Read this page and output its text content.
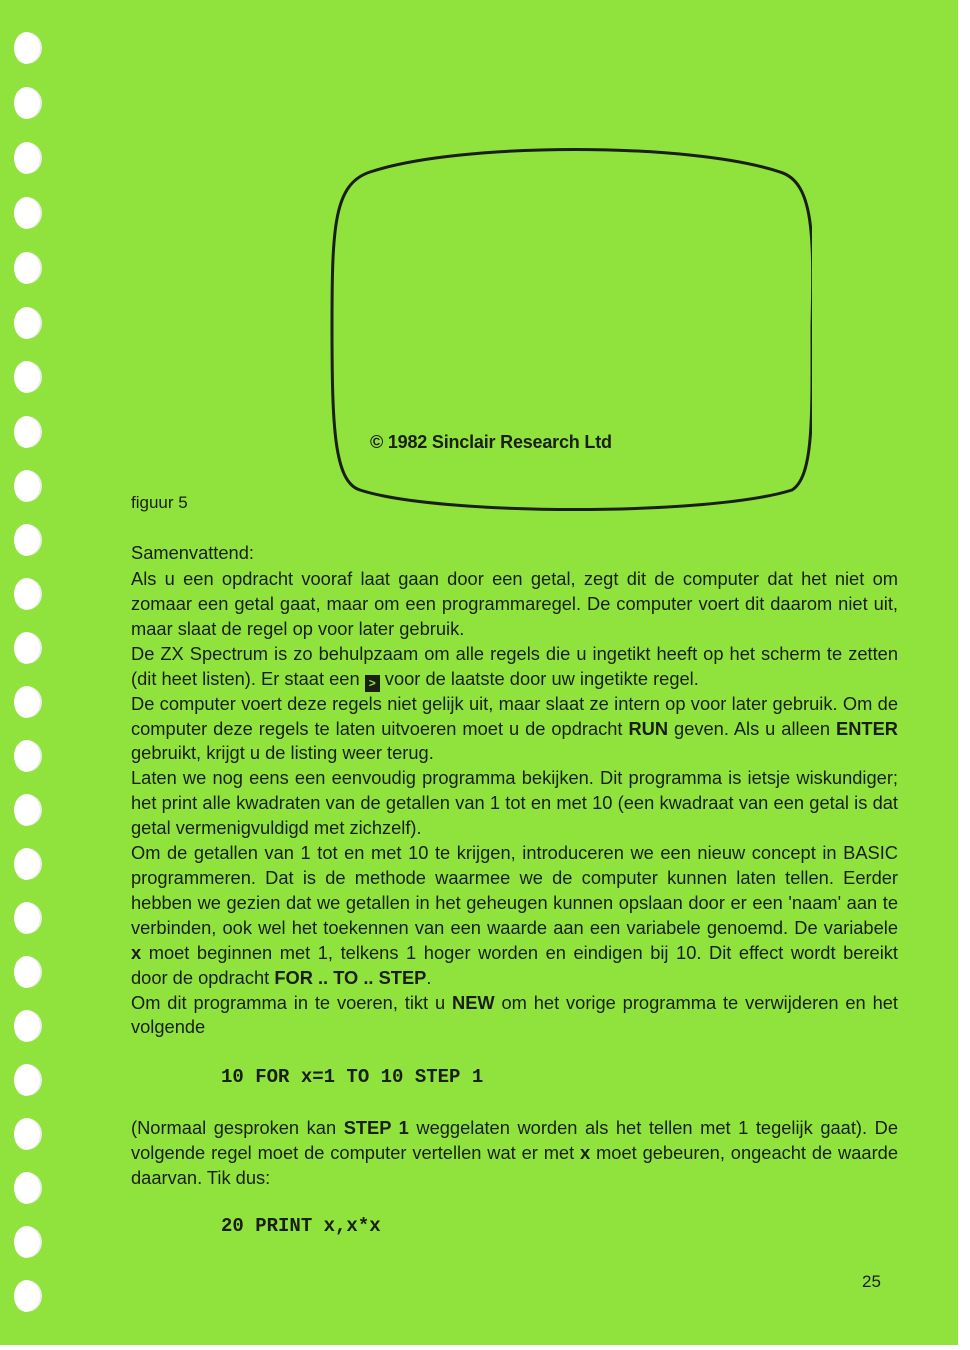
© 1982 Sinclair Research Ltd
figuur 5
Samenvattend:

Als u een opdracht vooraf laat gaan door een getal, zegt dit de computer dat het niet om zomaar een getal gaat, maar om een programmaregel. De computer voert dit daarom niet uit, maar slaat de regel op voor later gebruik.

De ZX Spectrum is zo behulpzaam om alle regels die u ingetikt heeft op het scherm te zetten (dit heet listen). Er staat een > voor de laatste door uw ingetikte regel.

De computer voert deze regels niet gelijk uit, maar slaat ze intern op voor later gebruik. Om de computer deze regels te laten uitvoeren moet u de opdracht RUN geven. Als u alleen ENTER gebruikt, krijgt u de listing weer terug.

Laten we nog eens een eenvoudig programma bekijken. Dit programma is ietsje wiskundiger; het print alle kwadraten van de getallen van 1 tot en met 10 (een kwadraat van een getal is dat getal vermenigvuldigd met zichzelf).

Om de getallen van 1 tot en met 10 te krijgen, introduceren we een nieuw concept in BASIC programmeren. Dat is de methode waarmee we de computer kunnen laten tellen. Eerder hebben we gezien dat we getallen in het geheugen kunnen opslaan door er een 'naam' aan te verbinden, ook wel het toekennen van een waarde aan een variabele genoemd. De variabele x moet beginnen met 1, telkens 1 hoger worden en eindigen bij 10. Dit effect wordt bereikt door de opdracht FOR .. TO .. STEP.

Om dit programma in te voeren, tikt u NEW om het vorige programma te verwijderen en het volgende

10 FOR x=1 TO 10 STEP 1

(Normaal gesproken kan STEP 1 weggelaten worden als het tellen met 1 tegelijk gaat). De volgende regel moet de computer vertellen wat er met x moet gebeuren, ongeacht de waarde daarvan. Tik dus:

20 PRINT x,x*x
25
